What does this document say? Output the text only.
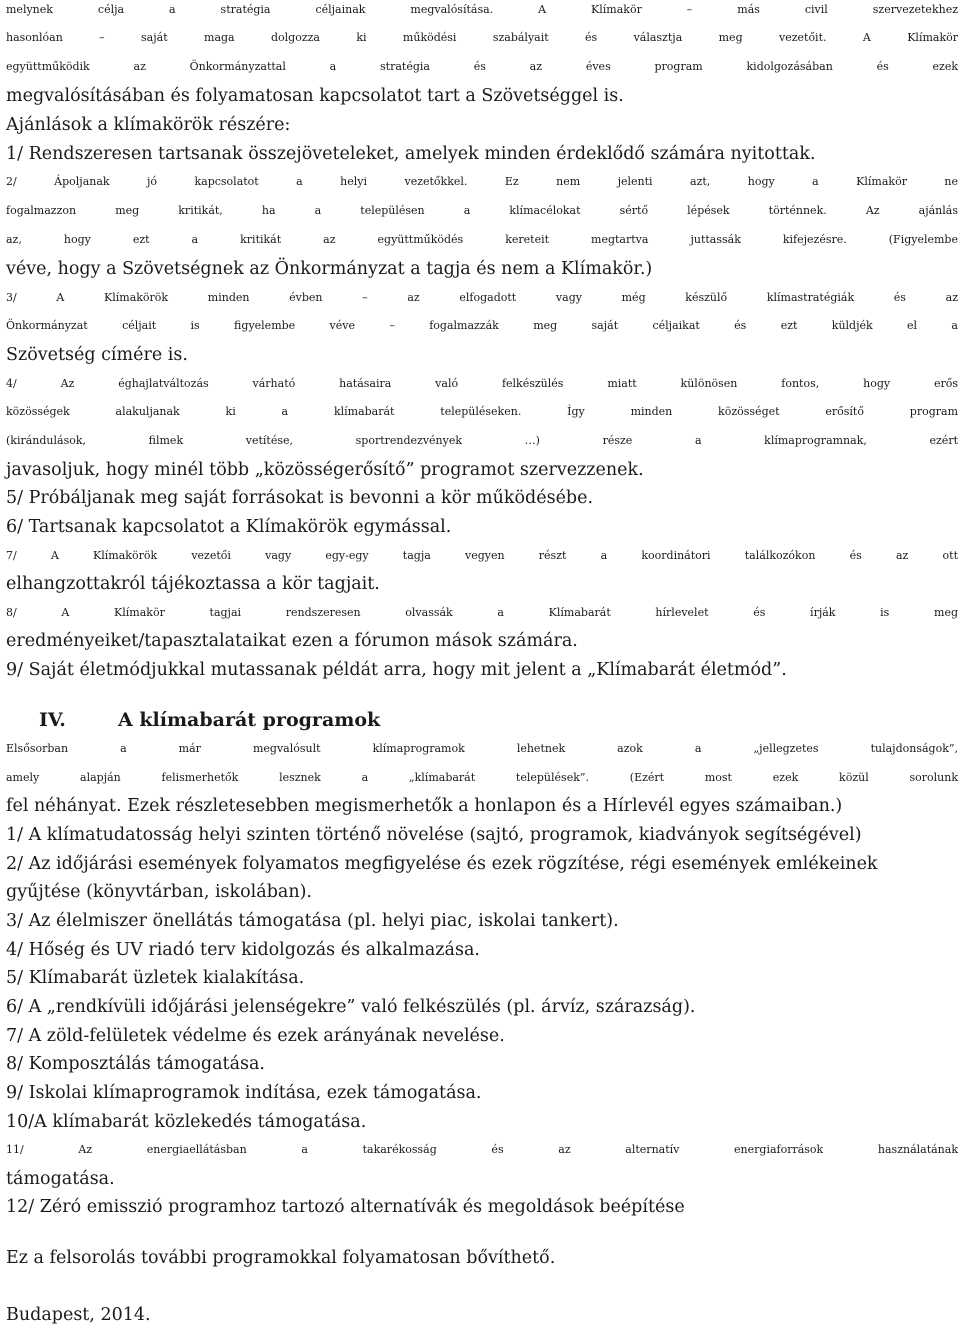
melynek célja a stratégia céljainak megvalósítása. A Klímakör – más civil szervezetekhez
hasonlóan – saját maga dolgozza ki működési szabályait és választja meg vezetőit. A Klímakör
együttműködik az Önkormányzattal a stratégia és az éves program kidolgozásában és ezek
megvalósításában és folyamatosan kapcsolatot tart a Szövetséggel is.
Ajánlások a klímakörök részére:
1/ Rendszeresen tartsanak összejöveteleket, amelyek minden érdeklődő számára nyitottak.
2/ Ápoljanak jó kapcsolatot a helyi vezetőkkel. Ez nem jelenti azt, hogy a Klímakör ne
fogalmazzon meg kritikát, ha a településen a klímacélokat sértő lépések történnek. Az ajánlás
az, hogy ezt a kritikát az együttműködés kereteit megtartva juttassák kifejezésre. (Figyelembe
véve, hogy a Szövetségnek az Önkormányzat a tagja és nem a Klímakör.)
3/ A Klímakörök minden évben – az elfogadott vagy még készülő klímastratégiák és az
Önkormányzat céljait is figyelembe véve – fogalmazzák meg saját céljaikat és ezt küldjék el a
Szövetség címére is.
4/ Az éghajlatváltozás várható hatásaira való felkészülés miatt különösen fontos, hogy erős
közösségek alakuljanak ki a klímabarát településeken. Így minden közösséget erősítő program
(kirándulások, filmek vetítése, sportrendezvények …) része a klímaprogramnak, ezért
javasoljuk, hogy minél több „közösségerősítő” programot szervezzenek.
5/ Próbáljanak meg saját forrásokat is bevonni a kör működésébe.
6/ Tartsanak kapcsolatot a Klímakörök egymással.
7/ A Klímakörök vezetői vagy egy-egy tagja vegyen részt a koordinátori találkozókon és az ott
elhangzottakról tájékoztassa a kör tagjait.
8/ A Klímakör tagjai rendszeresen olvassák a Klímabarát hírlevelet és írják is meg
eredményeiket/tapasztalataikat ezen a fórumon mások számára.
9/ Saját életmódjukkal mutassanak példát arra, hogy mit jelent a „Klímabarát életmód”.
IV.	A klímabarát programok
Elsősorban a már megvalósult klímaprogramok lehetnek azok a „jellegzetes tulajdonságok”,
amely alapján felismerhetők lesznek a „klímabarát települések”. (Ezért most ezek közül sorolunk
fel néhányat. Ezek részletesebben megismerhetők a honlapon és a Hírlevél egyes számaiban.)
1/ A klímatudatosság helyi szinten történő növelése (sajtó, programok, kiadványok segítségével)
2/ Az időjárási események folyamatos megfigyelése és ezek rögzítése, régi események emlékeinek
gyűjtése (könyvtárban, iskolában).
3/ Az élelmiszer önellátás támogatása (pl. helyi piac, iskolai tankert).
4/ Hőség és UV riadó terv kidolgozás és alkalmazása.
5/ Klímabarát üzletek kialakítása.
6/ A „rendkívüli időjárási jelenségekre” való felkészülés (pl. árvíz, szárazság).
7/ A zöld-felületek védelme és ezek arányának nevelése.
8/ Komposztálás támogatása.
9/ Iskolai klímaprogramok indítása, ezek támogatása.
10/A klímabarát közlekedés támogatása.
11/ Az energiaellátásban a takarékosság és az alternatív energiaforrások használatának
támogatása.
12/ Zéró emisszió programhoz tartozó alternatívák és megoldások beépítése
Ez a felsorolás további programokkal folyamatosan bővíthető.
Budapest, 2014.
